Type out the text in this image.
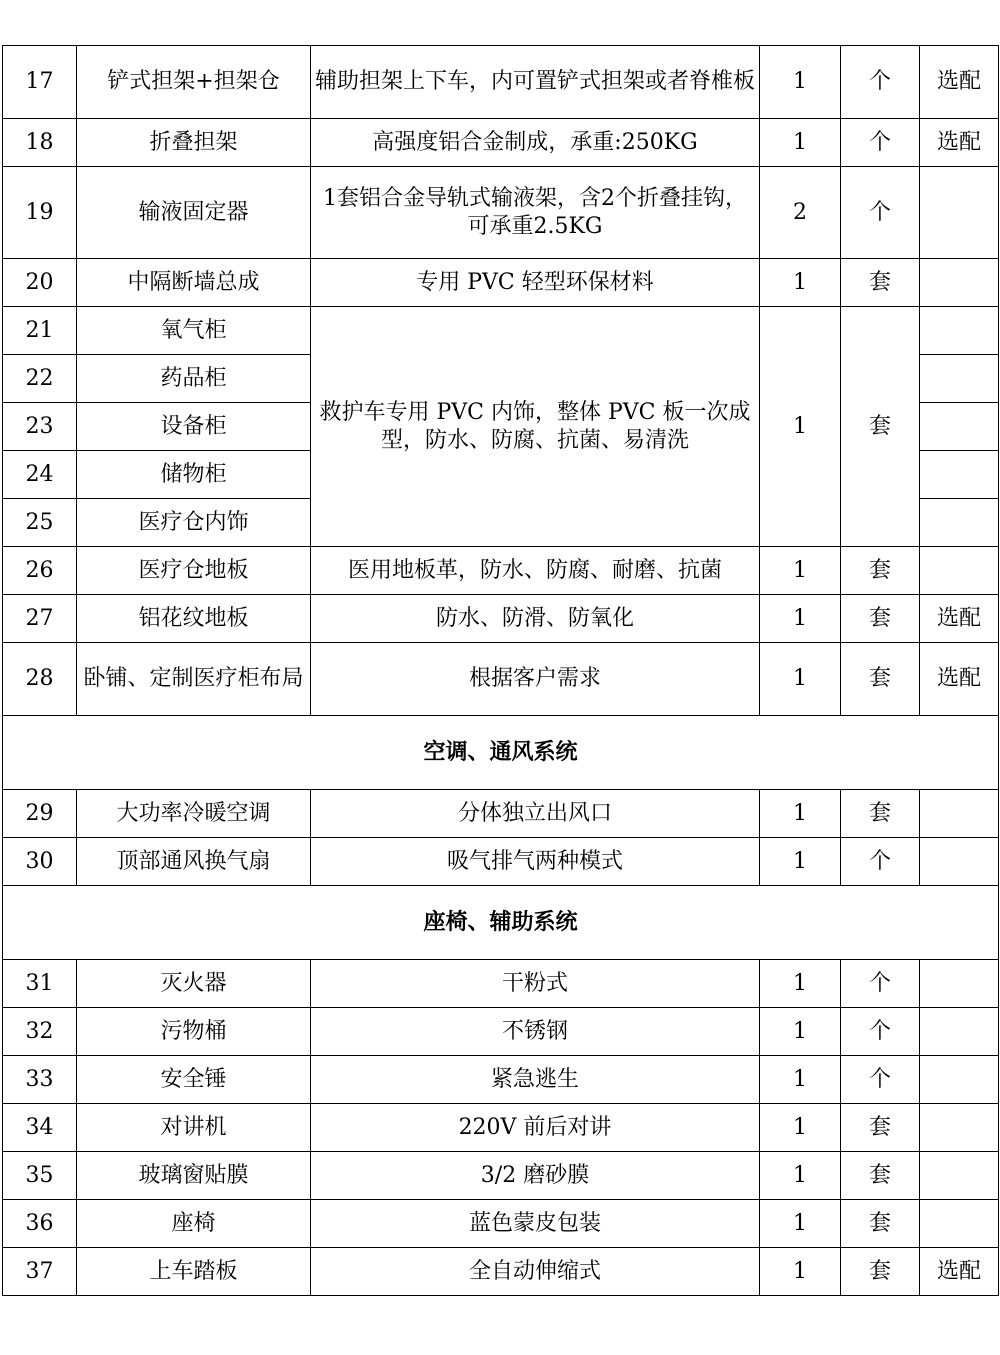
17	铲式担架+担架仓	辅助担架上下车，内可置铲式担架或者脊椎板	1	个	选配
18	折叠担架	高强度铝合金制成，承重:250KG	1	个	选配
19	输液固定器	1套铝合金导轨式输液架，含2个折叠挂钩，可承重2.5KG	2	个	
20	中隔断墙总成	专用 PVC 轻型环保材料	1	套	
21	氧气柜	救护车专用 PVC 内饰，整体 PVC 板一次成型，防水、防腐、抗菌、易清洗	1	套	
22	药品柜				
23	设备柜				
24	储物柜				
25	医疗仓内饰				
26	医疗仓地板	医用地板革，防水、防腐、耐磨、抗菌	1	套	
27	铝花纹地板	防水、防滑、防氧化	1	套	选配
28	卧铺、定制医疗柜布局	根据客户需求	1	套	选配
空调、通风系统					
29	大功率冷暖空调	分体独立出风口	1	套	
30	顶部通风换气扇	吸气排气两种模式	1	个	
座椅、辅助系统					
31	灭火器	干粉式	1	个	
32	污物桶	不锈钢	1	个	
33	安全锤	紧急逃生	1	个	
34	对讲机	220V 前后对讲	1	套	
35	玻璃窗贴膜	3/2 磨砂膜	1	套	
36	座椅	蓝色蒙皮包装	1	套	
37	上车踏板	全自动伸缩式	1	套	选配
